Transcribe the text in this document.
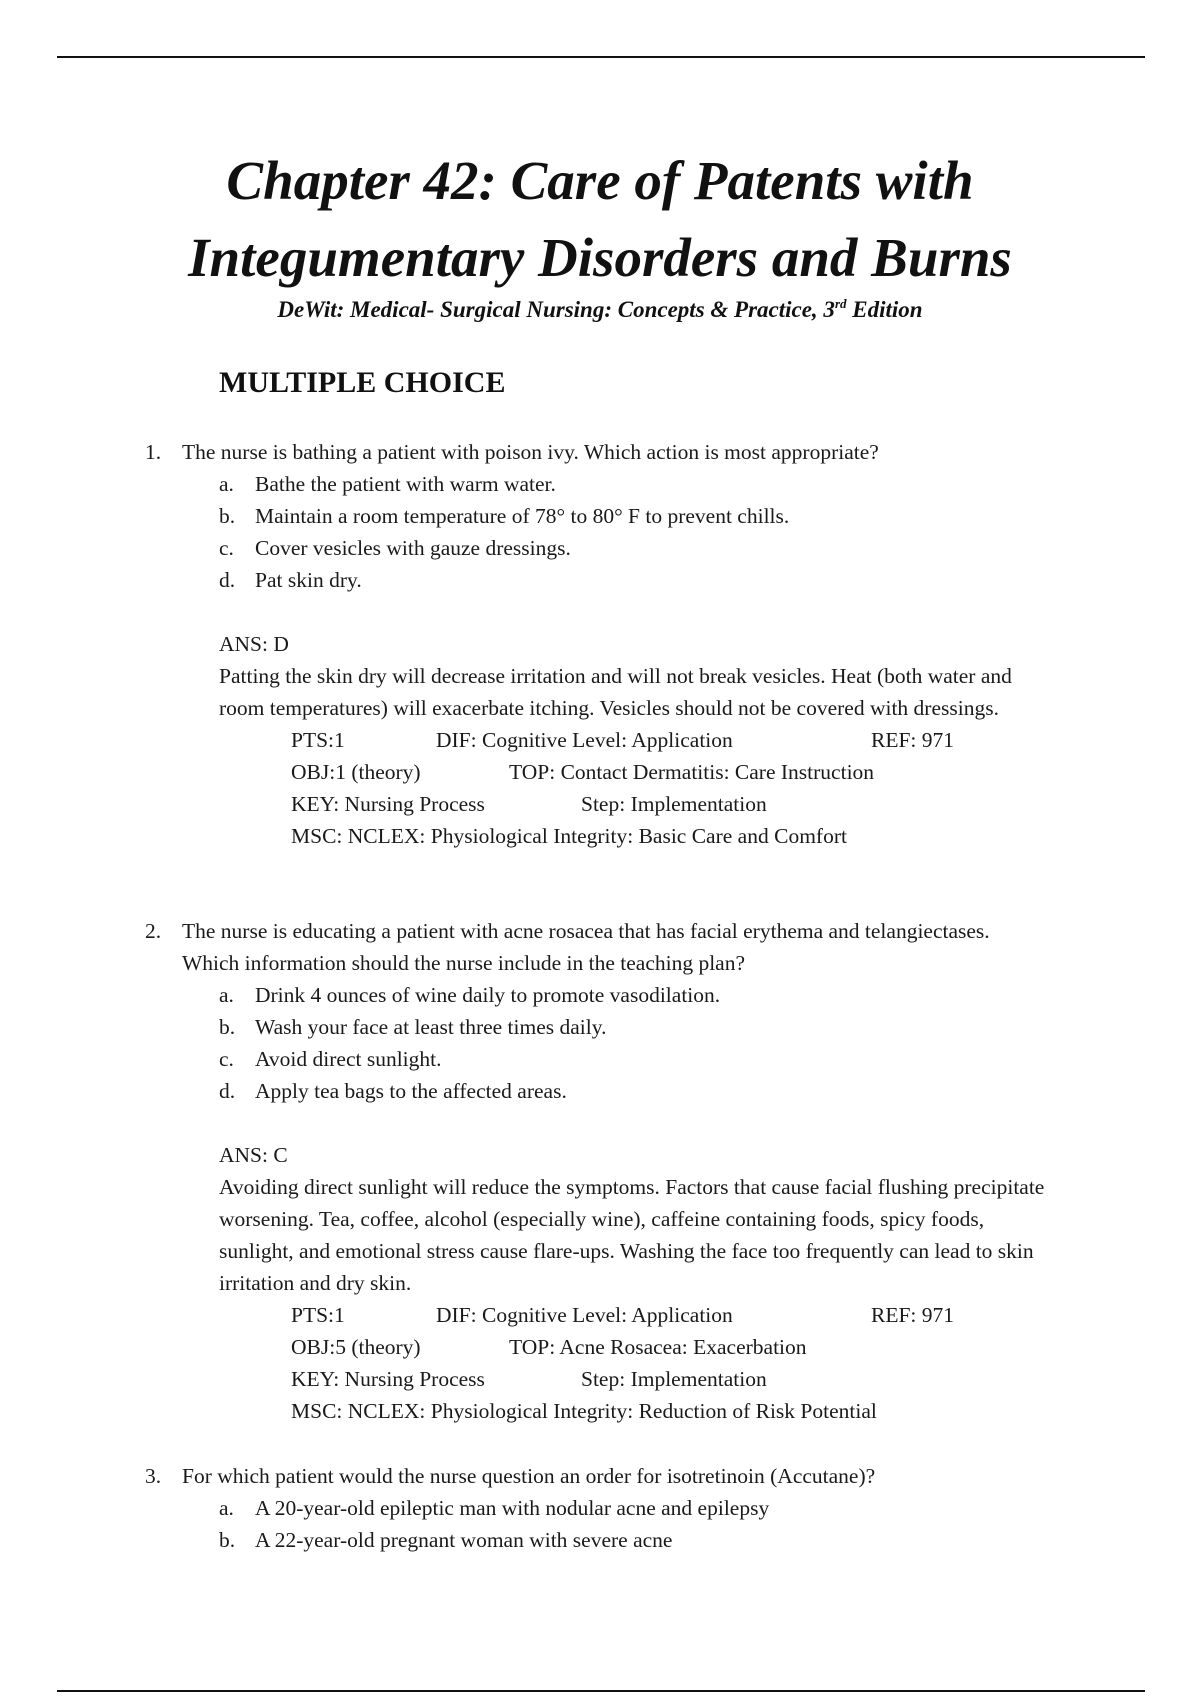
Chapter 42: Care of Patents with
Integumentary Disorders and Burns
DeWit: Medical- Surgical Nursing: Concepts & Practice, 3rd Edition
MULTIPLE CHOICE
1. The nurse is bathing a patient with poison ivy. Which action is most appropriate?
a. Bathe the patient with warm water.
b. Maintain a room temperature of 78° to 80° F to prevent chills.
c. Cover vesicles with gauze dressings.
d. Pat skin dry.
ANS: D
Patting the skin dry will decrease irritation and will not break vesicles. Heat (both water and room temperatures) will exacerbate itching. Vesicles should not be covered with dressings.
PTS:1	DIF: Cognitive Level: Application	REF: 971
OBJ:1 (theory)	TOP: Contact Dermatitis: Care Instruction
KEY: Nursing Process	Step: Implementation
MSC: NCLEX: Physiological Integrity: Basic Care and Comfort
2. The nurse is educating a patient with acne rosacea that has facial erythema and telangiectases. Which information should the nurse include in the teaching plan?
a. Drink 4 ounces of wine daily to promote vasodilation.
b. Wash your face at least three times daily.
c. Avoid direct sunlight.
d. Apply tea bags to the affected areas.
ANS: C
Avoiding direct sunlight will reduce the symptoms. Factors that cause facial flushing precipitate worsening. Tea, coffee, alcohol (especially wine), caffeine containing foods, spicy foods, sunlight, and emotional stress cause flare-ups. Washing the face too frequently can lead to skin irritation and dry skin.
PTS:1	DIF: Cognitive Level: Application	REF: 971
OBJ:5 (theory)	TOP: Acne Rosacea: Exacerbation
KEY: Nursing Process	Step: Implementation
MSC: NCLEX: Physiological Integrity: Reduction of Risk Potential
3. For which patient would the nurse question an order for isotretinoin (Accutane)?
a. A 20-year-old epileptic man with nodular acne and epilepsy
b. A 22-year-old pregnant woman with severe acne
